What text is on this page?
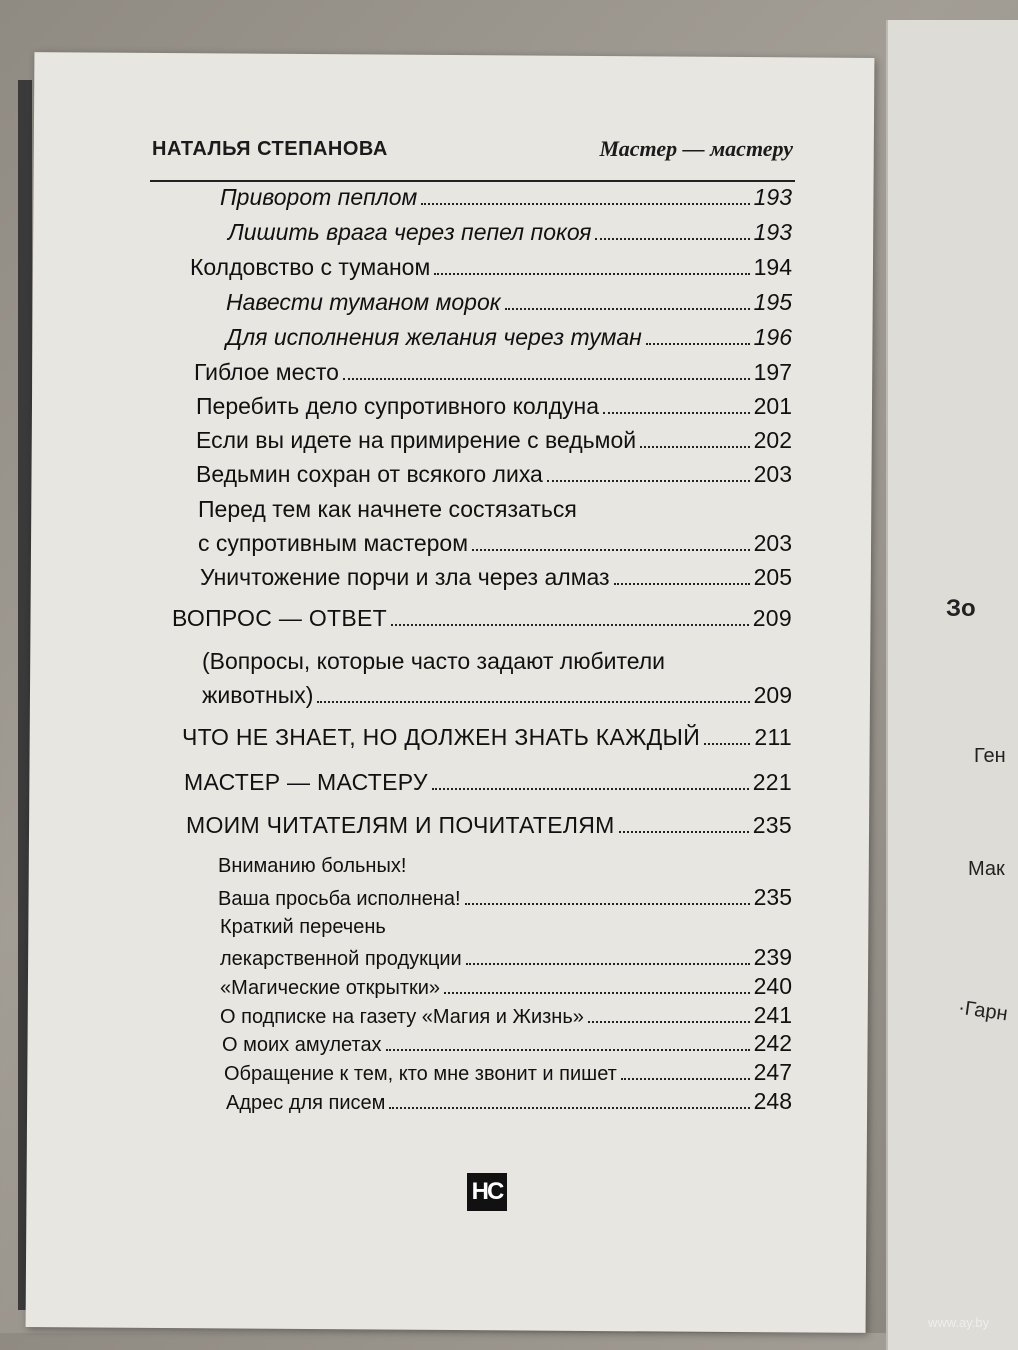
Зо
Ген
Мак
·Гарн
www.ay.by
НАТАЛЬЯ СТЕПАНОВА	Мастер — мастеру
Приворот пеплом	193
Лишить врага через пепел покоя	193
Колдовство с туманом	194
Навести туманом морок	195
Для исполнения желания через туман	196
Гиблое место	197
Перебить дело супротивного колдуна	201
Если вы идете на примирение с ведьмой	202
Ведьмин сохран от всякого лиха	203
Перед тем как начнете состязаться
с супротивным мастером	203
Уничтожение порчи и зла через алмаз	205
ВОПРОС — ОТВЕТ	209
(Вопросы, которые часто задают любители
животных)	209
ЧТО НЕ ЗНАЕТ, НО ДОЛЖЕН ЗНАТЬ КАЖДЫЙ 211
МАСТЕР — МАСТЕРУ	221
МОИМ ЧИТАТЕЛЯМ И ПОЧИТАТЕЛЯМ	235
Вниманию больных!
Ваша просьба исполнена!	235
Краткий перечень
лекарственной продукции	239
«Магические открытки»	240
О подписке на газету «Магия и Жизнь»	241
О моих амулетах	242
Обращение к тем, кто мне звонит и пишет	247
Адрес для писем	248
НС
